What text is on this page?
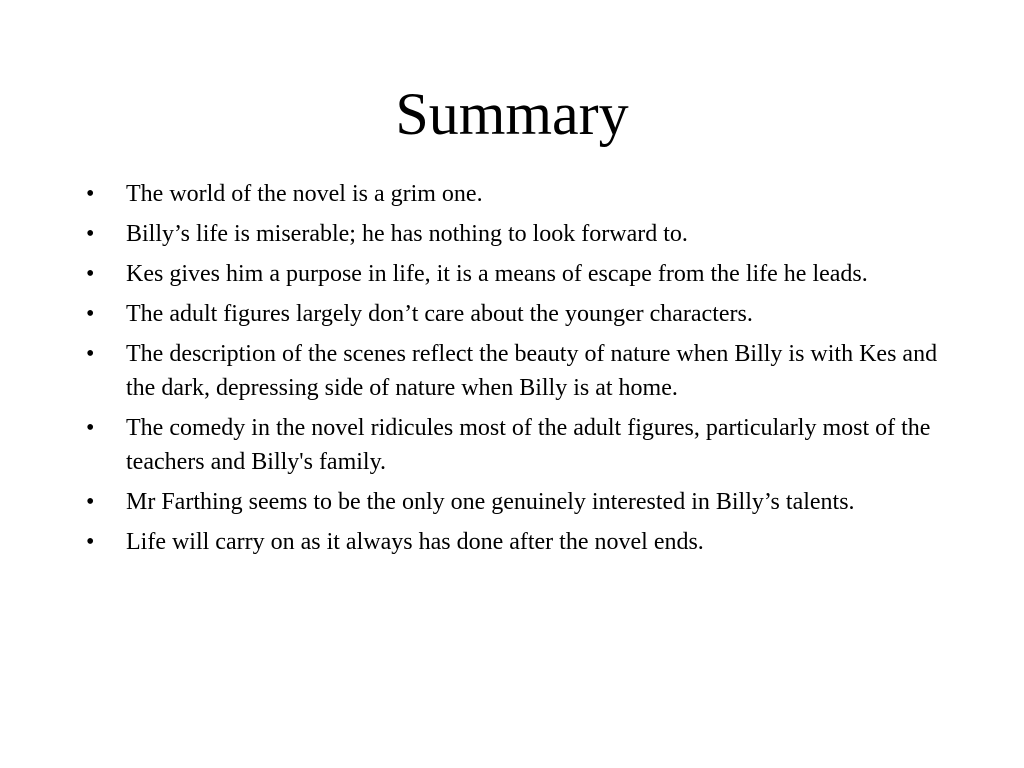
Summary
•	The world of the novel is a grim one.
•	Billy’s life is miserable; he has nothing to look forward to.
•	Kes gives him a purpose in life, it is a means of escape from the life he leads.
•	The adult figures largely don’t care about the younger characters.
•	The description of the scenes reflect the beauty of nature when Billy is with Kes and the dark, depressing side of nature when Billy is at home.
•	The comedy in the novel ridicules most of the adult figures, particularly most of the teachers and Billy's family.
•	Mr Farthing seems to be the only one genuinely interested in Billy’s talents.
•	Life will carry on as it always has done after the novel ends.
